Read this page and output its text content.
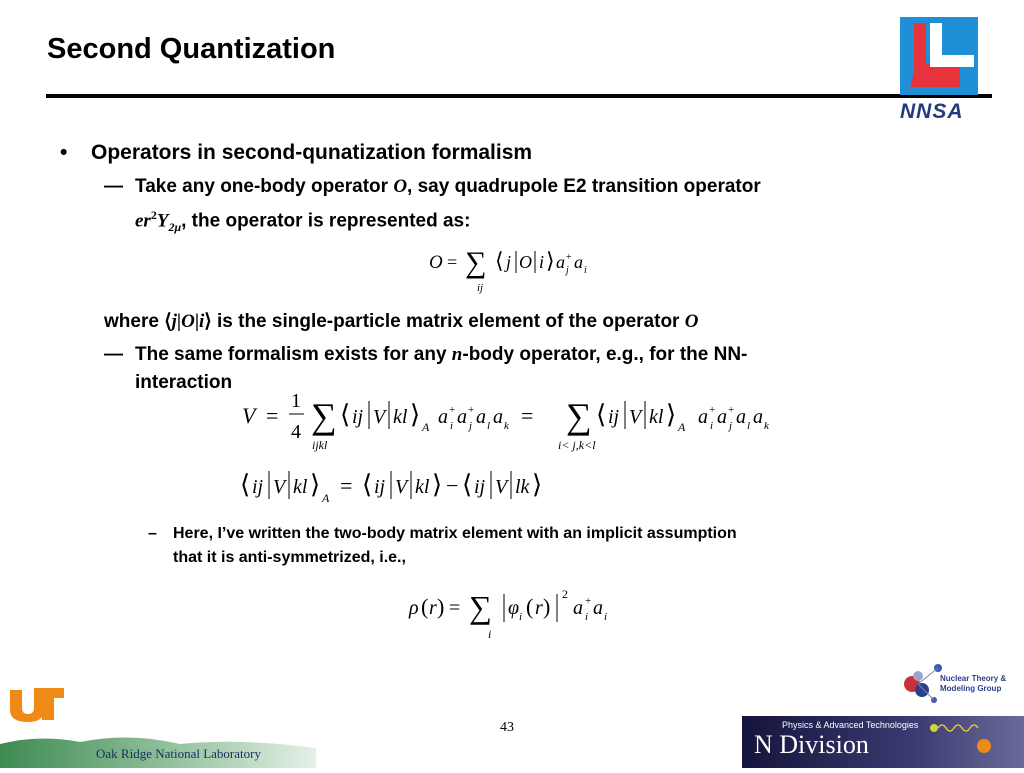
Second Quantization
NNSA
• Operators in second-qunatization formalism
— Take any one-body operator O, say quadrupole E2 transition operator
$er^2Y_{2\mu}$, the operator is represented as:
O = ∑
ij
⟨ j O i ⟩ a +
j a i
where ⟨j|O|i⟩ is the single-particle matrix element of the operator O
— The same formalism exists for any n-body operator, e.g., for the NN-
interaction
V =
1
4 ∑
ijkl
⟨ ij V kl ⟩ A a +
i a +
j a l a k = ∑
i< j,k<l
⟨ ij V kl ⟩ A a +
i a +
j a l a k
⟨ ij V kl ⟩ A = ⟨ ij V kl ⟩ − ⟨ ij V lk ⟩
– Here, I’ve written the two-body matrix element with an implicit assumption
that it is anti-symmetrized, i.e.,
ρ ( r ) = ∑
i
φ i ( r ) 2
a +
i a i
Oak Ridge National Laboratory
43
Nuclear Theory &
Modeling Group
Physics & Advanced Technologies
N Division
